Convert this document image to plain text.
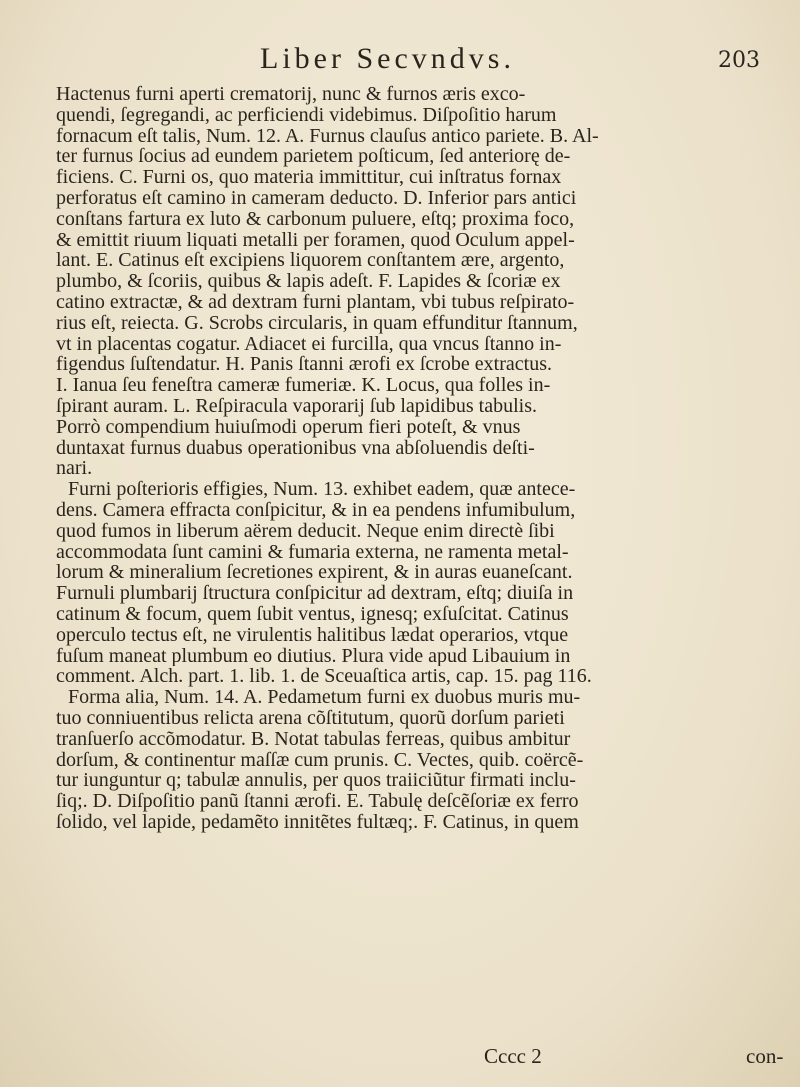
Liber Secvndvs.	203
Hactenus furni aperti crematorij, nunc & furnos æris exco-
quendi, ſegregandi, ac perficiendi videbimus. Diſpoſitio harum
fornacum eſt talis, Num. 12. A. Furnus clauſus antico pariete. B. Al-
ter furnus ſocius ad eundem parietem poſticum, ſed anteriorę de-
ficiens. C. Furni os, quo materia immittitur, cui inſtratus fornax
perforatus eſt camino in cameram deducto. D. Inferior pars antici
conſtans fartura ex luto & carbonum puluere, eſtq; proxima foco,
& emittit riuum liquati metalli per foramen, quod Oculum appel-
lant. E. Catinus eſt excipiens liquorem conſtantem ære, argento,
plumbo, & ſcoriis, quibus & lapis adeſt. F. Lapides & ſcoriæ ex
catino extractæ, & ad dextram furni plantam, vbi tubus reſpirato-
rius eſt, reiecta. G. Scrobs circularis, in quam effunditur ſtannum,
vt in placentas cogatur. Adiacet ei furcilla, qua vncus ſtanno in-
figendus ſuſtendatur. H. Panis ſtanni ærofi ex ſcrobe extractus.
I. Ianua ſeu feneſtra cameræ fumeriæ. K. Locus, qua folles in-
ſpirant auram. L. Reſpiracula vaporarij ſub lapidibus tabulis.
Porrò compendium huiuſmodi operum fieri poteſt, & vnus
duntaxat furnus duabus operationibus vna abſoluendis deſti-
nari.
Furni poſterioris effigies, Num. 13. exhibet eadem, quæ antece-
dens. Camera effracta conſpicitur, & in ea pendens infumibulum,
quod fumos in liberum aërem deducit. Neque enim directè ſibi
accommodata ſunt camini & fumaria externa, ne ramenta metal-
lorum & mineralium ſecretiones expirent, & in auras euaneſcant.
Furnuli plumbarij ſtructura conſpicitur ad dextram, eſtq; diuiſa in
catinum & focum, quem ſubit ventus, ignesq; exſuſcitat. Catinus
operculo tectus eſt, ne virulentis halitibus lædat operarios, vtque
fuſum maneat plumbum eo diutius. Plura vide apud Libauium in
comment. Alch. part. 1. lib. 1. de Sceuaſtica artis, cap. 15. pag 116.
Forma alia, Num. 14. A. Pedametum furni ex duobus muris mu-
tuo conniuentibus relicta arena cõſtitutum, quorũ dorſum parieti
tranſuerſo accõmodatur. B. Notat tabulas ferreas, quibus ambitur
dorſum, & continentur maſſæ cum prunis. C. Vectes, quib. coërcẽ-
tur iunguntur q; tabulæ annulis, per quos traiiciũtur firmati inclu-
ſiq;. D. Diſpoſitio panũ ſtanni ærofi. E. Tabulę deſcẽſoriæ ex ferro
ſolido, vel lapide, pedamẽto innitẽtes fultæq;. F. Catinus, in quem
Cccc 2	con-
